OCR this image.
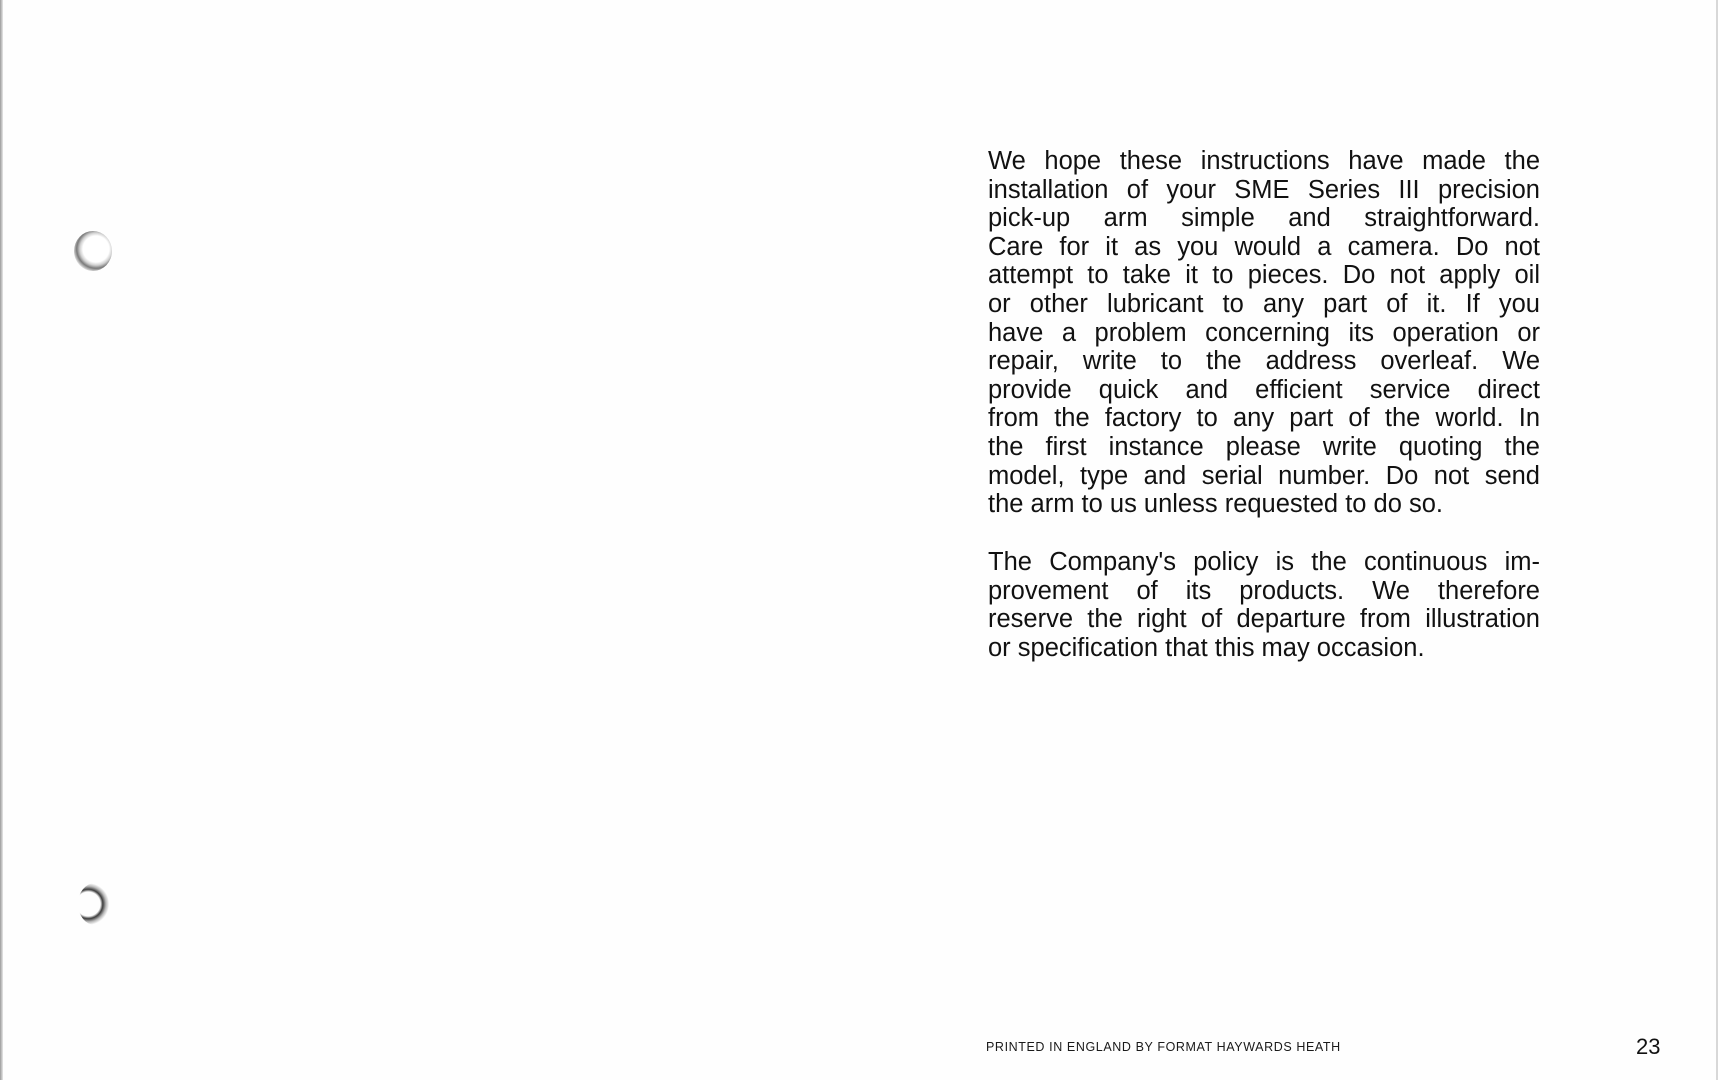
We hope these instructions have made the
installation of your SME Series III precision
pick-up arm simple and straightforward.
Care for it as you would a camera. Do not
attempt to take it to pieces. Do not apply oil
or other lubricant to any part of it. If you
have a problem concerning its operation or
repair, write to the address overleaf. We
provide quick and efficient service direct
from the factory to any part of the world. In
the first instance please write quoting the
model, type and serial number. Do not send
the arm to us unless requested to do so.

The Company's policy is the continuous im-
provement of its products. We therefore
reserve the right of departure from illustration
or specification that this may occasion.

PRINTED IN ENGLAND BY FORMAT HAYWARDS HEATH	23
